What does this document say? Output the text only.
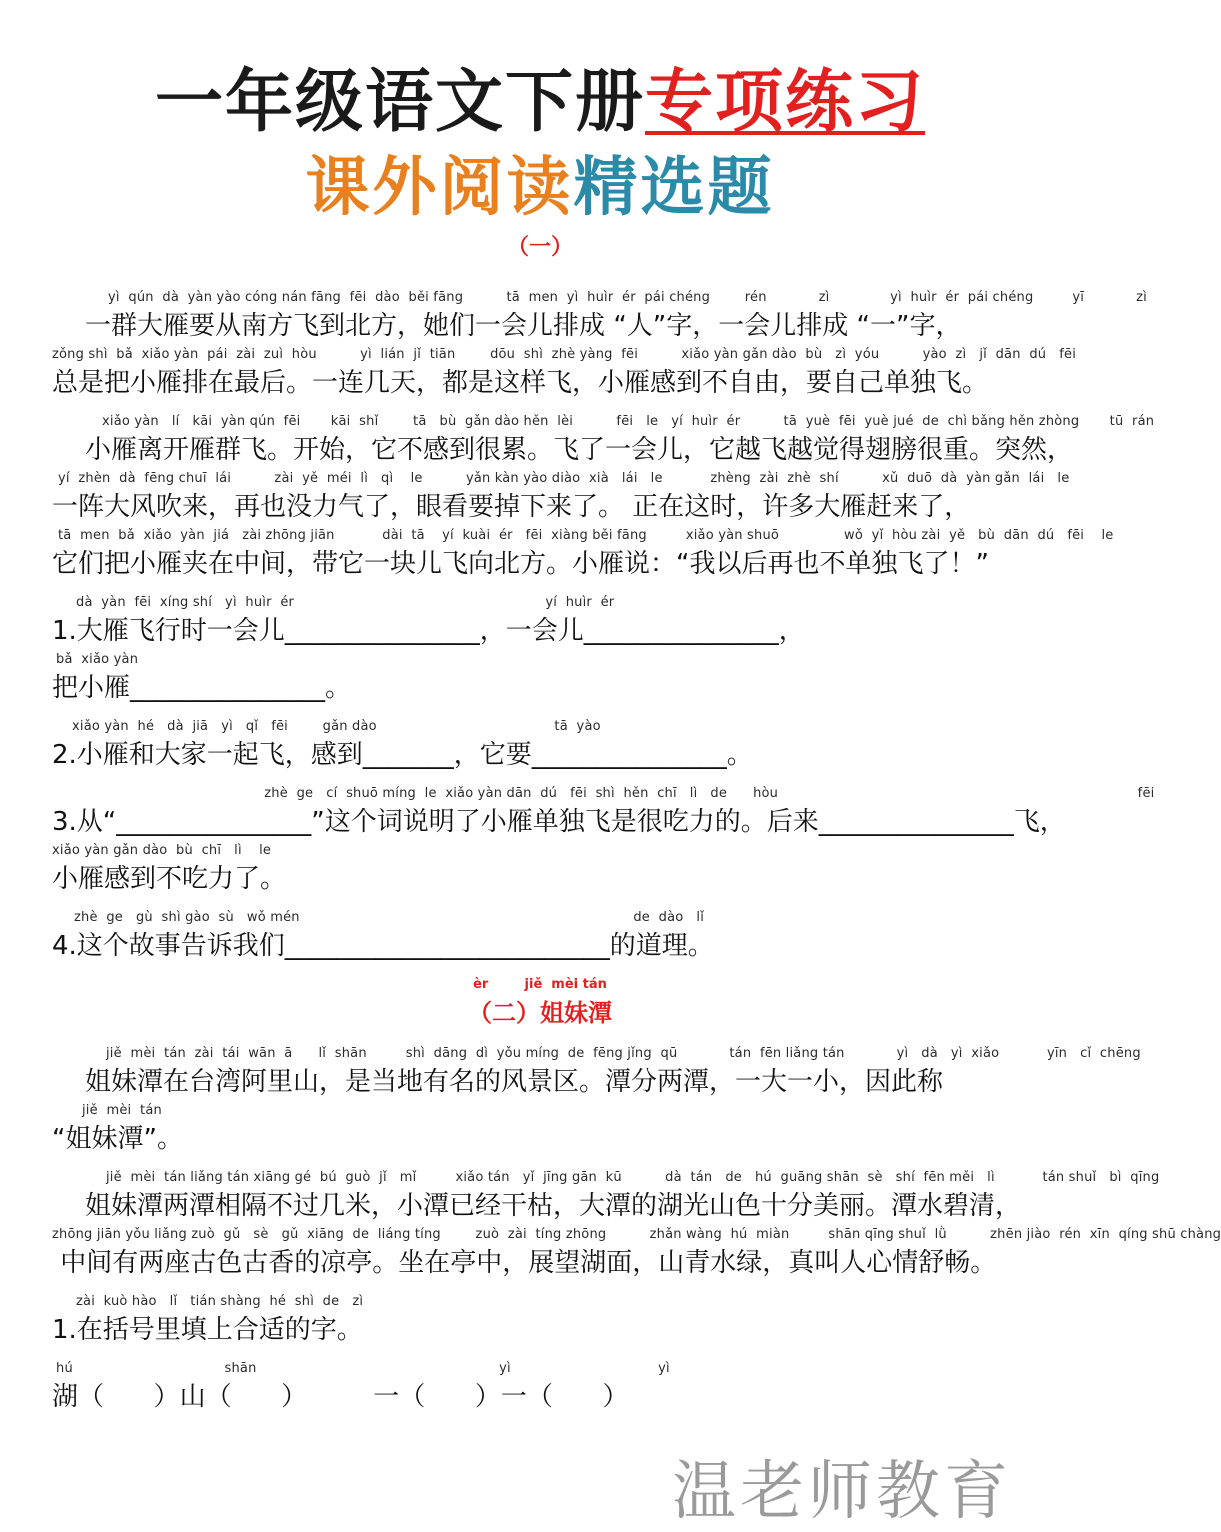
一年级语文下册专项练习
课外阅读精选题
（一）
yì  qún  dà  yàn yào cóng nán fāng  fēi  dào  běi fāng          tā  men  yì  huìr  ér  pái chéng        rén            zì              yì  huìr  ér  pái chéng         yī            zì
一群大雁要从南方飞到北方，她们一会儿排成 “人”字，一会儿排成 “一”字，
zǒng shì  bǎ  xiǎo yàn  pái  zài  zuì  hòu          yì  lián  jǐ  tiān        dōu  shì  zhè yàng  fēi          xiǎo yàn gǎn dào  bù   zì  yóu          yào  zì   jǐ  dān  dú   fēi
总是把小雁排在最后。一连几天，都是这样飞，小雁感到不自由，要自己单独飞。
xiǎo yàn   lí   kāi  yàn qún  fēi       kāi  shǐ        tā   bù  gǎn dào hěn  lèi          fēi   le   yí  huìr  ér          tā  yuè  fēi  yuè jué  de  chì bǎng hěn zhòng       tū  rán
小雁离开雁群飞。开始，它不感到很累。飞了一会儿，它越飞越觉得翅膀很重。突然，
yí  zhèn  dà  fēng chuī  lái          zài  yě  méi  lì   qì    le          yǎn kàn yào diào  xià   lái   le           zhèng  zài  zhè  shí          xǔ  duō  dà  yàn gǎn  lái   le
一阵大风吹来，再也没力气了，眼看要掉下来了。 正在这时，许多大雁赶来了，
tā  men  bǎ  xiǎo  yàn  jiá   zài zhōng jiān           dài  tā    yí  kuài  ér   fēi  xiàng běi fāng         xiǎo yàn shuō               wǒ  yǐ  hòu zài  yě   bù  dān  dú   fēi    le
它们把小雁夹在中间，带它一块儿飞向北方。小雁说：“我以后再也不单独飞了！”
dà  yàn  fēi  xíng shí   yì  huìr  ér                                                          yí  huìr  ér
1.大雁飞行时一会儿_______________，一会儿_______________，
bǎ  xiǎo yàn
把小雁_______________。
xiǎo yàn  hé   dà  jiā   yì   qǐ   fēi        gǎn dào                                         tā  yào
2.小雁和大家一起飞，感到_______，它要_______________。
zhè  ge   cí  shuō míng  le  xiǎo yàn dān  dú   fēi  shì  hěn  chī   lì   de      hòu                                                                                   fēi
3.从“_______________”这个词说明了小雁单独飞是很吃力的。后来_______________飞，
xiǎo yàn gǎn dào  bù  chī   lì    le
小雁感到不吃力了。
zhè  ge   gù  shì gào  sù   wǒ mén                                                                             de  dào   lǐ
4.这个故事告诉我们_________________________的道理。
èr        jiě  mèi tán
（二）姐妹潭
jiě  mèi  tán  zài  tái  wān  ā      lǐ  shān         shì  dāng  dì  yǒu míng  de  fēng jǐng  qū            tán  fēn liǎng tán            yì   dà   yì  xiǎo           yīn   cǐ  chēng
姐妹潭在台湾阿里山，是当地有名的风景区。潭分两潭，一大一小，因此称
jiě  mèi  tán
“姐妹潭”。
jiě  mèi  tán liǎng tán xiāng gé  bú  guò  jǐ   mǐ         xiǎo tán   yǐ  jīng gān  kū          dà  tán   de   hú  guāng shān  sè   shí  fēn měi   lì           tán shuǐ   bì  qīng
姐妹潭两潭相隔不过几米，小潭已经干枯，大潭的湖光山色十分美丽。潭水碧清，
zhōng jiān yǒu liǎng zuò  gǔ   sè   gǔ  xiāng  de  liáng tíng        zuò  zài  tíng zhōng          zhǎn wàng  hú  miàn         shān qīng shuǐ  lǜ          zhēn jiào  rén  xīn  qíng shū chàng
中间有两座古色古香的凉亭。坐在亭中，展望湖面，山青水绿，真叫人心情舒畅。
zài  kuò hào   lǐ   tián shàng  hé  shì  de   zì
1.在括号里填上合适的字。
hú                                   shān                                                        yì                                  yì
湖（      ）山（      ）        一（      ）一（      ）
温老师教育
